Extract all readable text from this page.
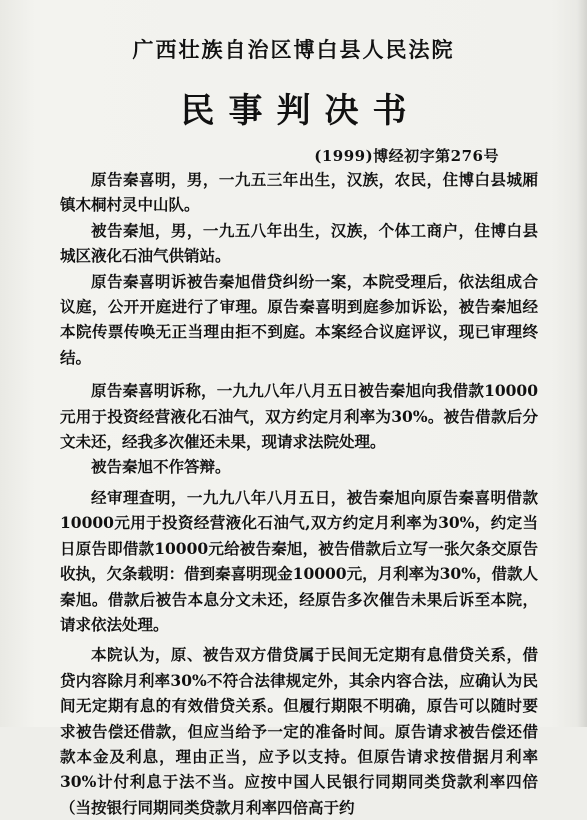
广西壮族自治区博白县人民法院
民事判决书
(1999)博经初字第276号

原告秦喜明，男，一九五三年出生，汉族，农民，住博白县城厢镇木桐村灵中山队。

被告秦旭，男，一九五八年出生，汉族，个体工商户，住博白县城区液化石油气供销站。

原告秦喜明诉被告秦旭借贷纠纷一案，本院受理后，依法组成合议庭，公开开庭进行了审理。原告秦喜明到庭参加诉讼，被告秦旭经本院传票传唤无正当理由拒不到庭。本案经合议庭评议，现已审理终结。

原告秦喜明诉称，一九九八年八月五日被告秦旭向我借款10000元用于投资经营液化石油气，双方约定月利率为30%。被告借款后分文未还，经我多次催还未果，现请求法院处理。

被告秦旭不作答辩。

经审理查明，一九九八年八月五日，被告秦旭向原告秦喜明借款10000元用于投资经营液化石油气,双方约定月利率为30%，约定当日原告即借款10000元给被告秦旭，被告借款后立写一张欠条交原告收执，欠条载明：借到秦喜明现金10000元，月利率为30%，借款人秦旭。借款后被告本息分文未还，经原告多次催告未果后诉至本院，请求依法处理。

本院认为，原、被告双方借贷属于民间无定期有息借贷关系，借贷内容除月利率30%不符合法律规定外，其余内容合法，应确认为民间无定期有息的有效借贷关系。但履行期限不明确，原告可以随时要求被告偿还借款，但应当给予一定的准备时间。原告请求被告偿还借款本金及利息，理由正当，应予以支持。但原告请求按借据月利率30%计付利息于法不当。应按中国人民银行同期同类贷款利率四倍（当按银行同期同类贷款月利率四倍高于约
